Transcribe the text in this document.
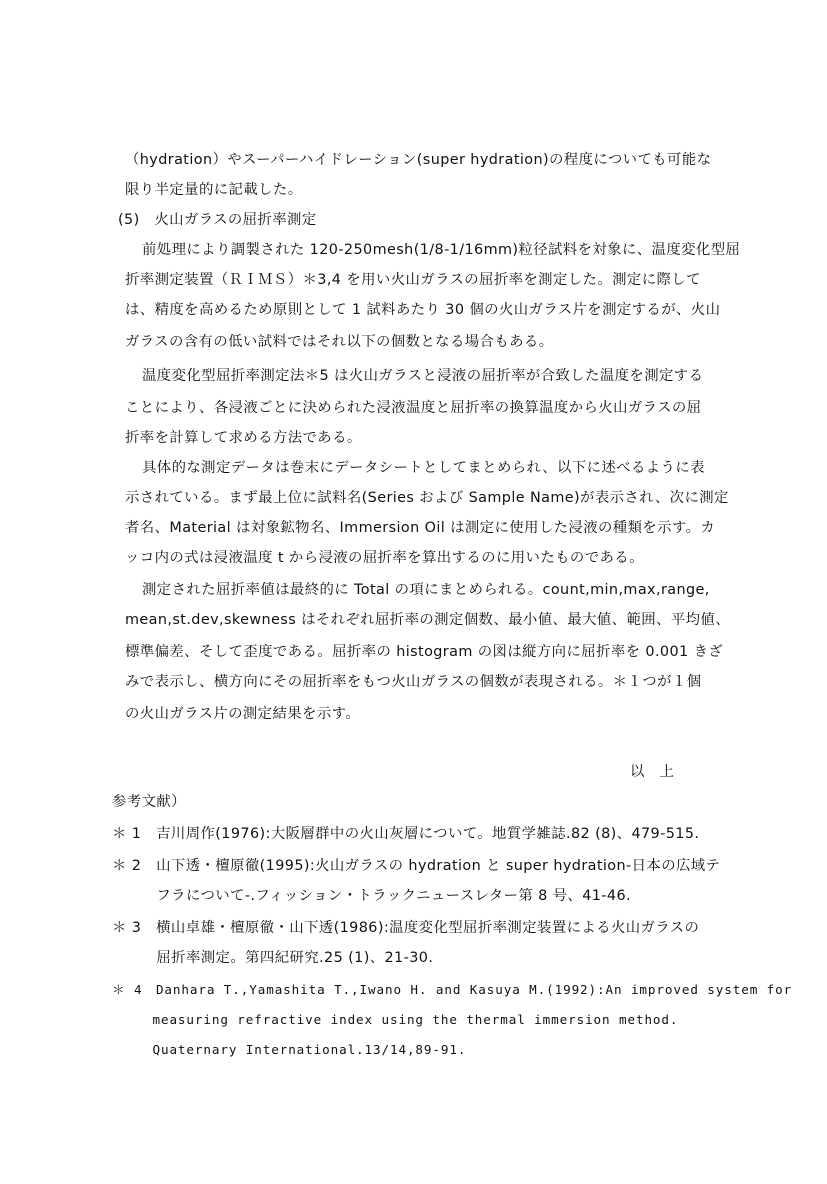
（hydration）やスーパーハイドレーション(super hydration)の程度についても可能な
限り半定量的に記載した。
(5)　火山ガラスの屈折率測定
前処理により調製された 120-250mesh(1/8-1/16mm)粒径試料を対象に、温度変化型屈
折率測定装置（ＲＩＭＳ）＊3,4 を用い火山ガラスの屈折率を測定した。測定に際して
は、精度を高めるため原則として 1 試料あたり 30 個の火山ガラス片を測定するが、火山
ガラスの含有の低い試料ではそれ以下の個数となる場合もある。
温度変化型屈折率測定法＊5 は火山ガラスと浸液の屈折率が合致した温度を測定する
ことにより、各浸液ごとに決められた浸液温度と屈折率の換算温度から火山ガラスの屈
折率を計算して求める方法である。
具体的な測定データは巻末にデータシートとしてまとめられ、以下に述べるように表
示されている。まず最上位に試料名(Series および Sample Name)が表示され、次に測定
者名、Material は対象鉱物名、Immersion Oil は測定に使用した浸液の種類を示す。カ
ッコ内の式は浸液温度 t から浸液の屈折率を算出するのに用いたものである。
測定された屈折率値は最終的に Total の項にまとめられる。count,min,max,range,
mean,st.dev,skewness はそれぞれ屈折率の測定個数、最小値、最大値、範囲、平均値、
標準偏差、そして歪度である。屈折率の histogram の図は縦方向に屈折率を 0.001 きざ
みで表示し、横方向にその屈折率をもつ火山ガラスの個数が表現される。＊１つが１個
の火山ガラス片の測定結果を示す。
以　上
参考文献）
＊ 1　吉川周作(1976):大阪層群中の火山灰層について。地質学雑誌.82 (8)、479-515.
＊ 2　山下透・檀原徹(1995):火山ガラスの hydration と super hydration-日本の広域テ
　　　フラについて-.フィッション・トラックニュースレター第 8 号、41-46.
＊ 3　横山卓雄・檀原徹・山下透(1986):温度変化型屈折率測定装置による火山ガラスの
　　　屈折率測定。第四紀研究.25 (1)、21-30.
＊ 4　Danhara T.,Yamashita T.,Iwano H. and Kasuya M.(1992):An improved system for
　　　measuring refractive index using the thermal immersion method.
　　　Quaternary International.13/14,89-91.
